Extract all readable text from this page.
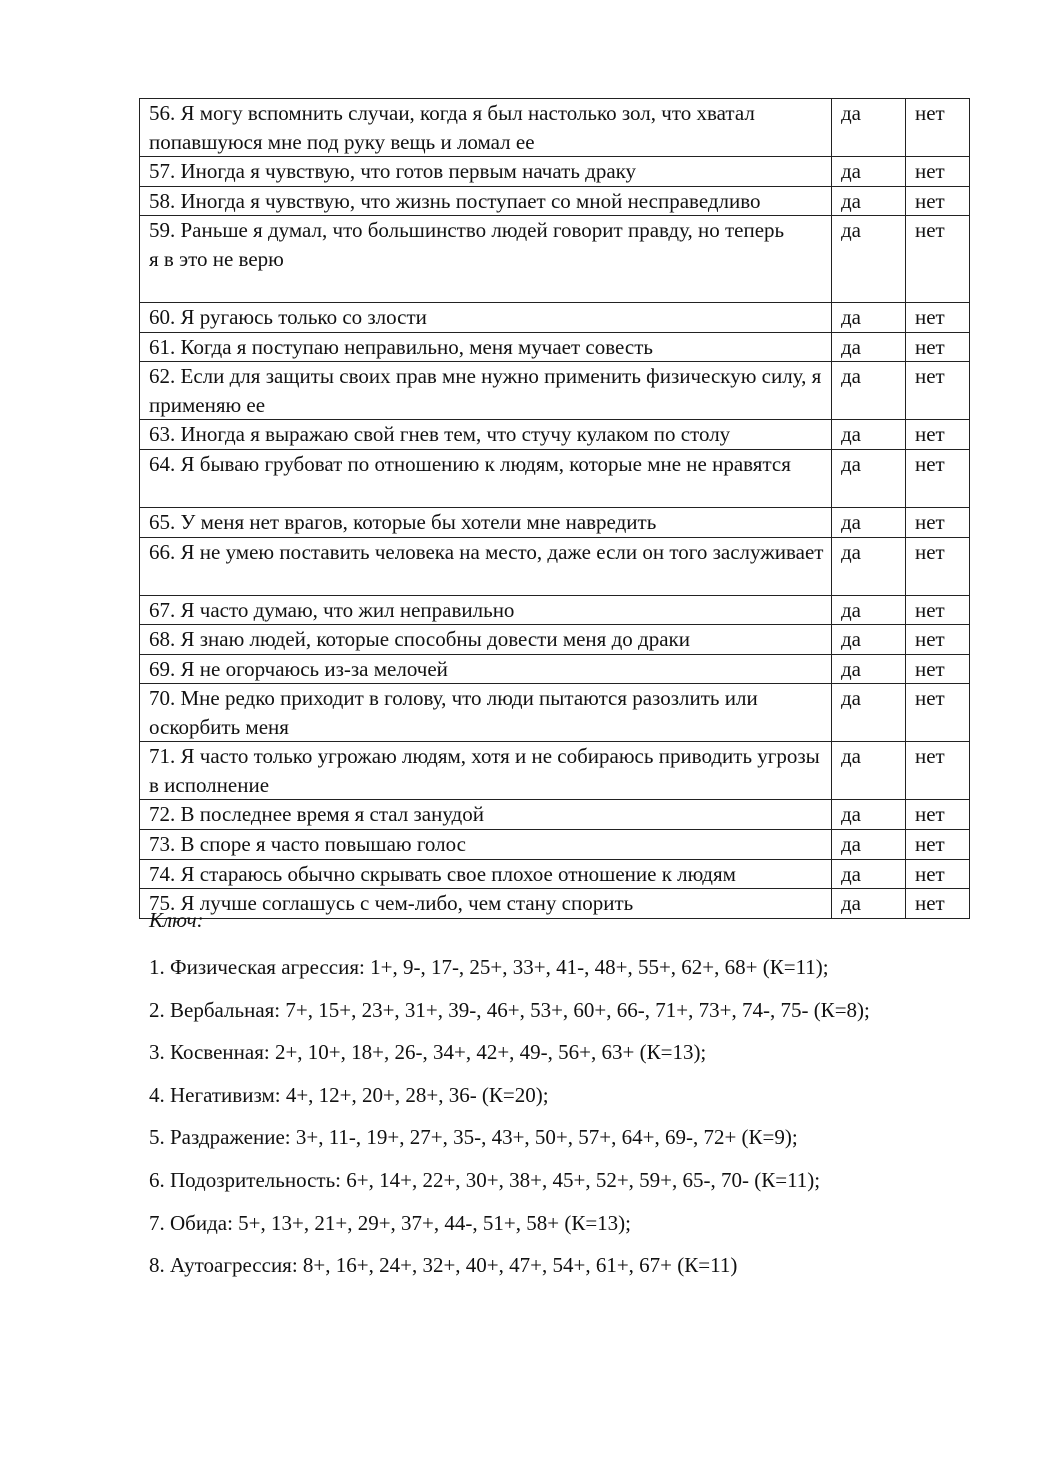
56. Я могу вспомнить случаи, когда я был настолько зол, что хватал попавшуюся мне под руку вещь и ломал ее	да	нет

57. Иногда я чувствую, что готов первым начать драку	да	нет

58. Иногда я чувствую, что жизнь поступает со мной несправедливо	да	нет

59. Раньше я думал, что большинство людей говорит правду, но теперь
я в это не верю	да	нет

60. Я ругаюсь только со злости	да	нет

61. Когда я поступаю неправильно, меня мучает совесть	да	нет

62. Если для защиты своих прав мне нужно применить физическую силу, я применяю ее	да	нет

63. Иногда я выражаю свой гнев тем, что стучу кулаком по столу	да	нет

64. Я бываю грубоват по отношению к людям, которые мне не нравятся	да	нет

65. У меня нет врагов, которые бы хотели мне навредить	да	нет

66. Я не умею поставить человека на место, даже если он того заслуживает	да	нет

67. Я часто думаю, что жил неправильно	да	нет

68. Я знаю людей, которые способны довести меня до драки	да	нет

69. Я не огорчаюсь из-за мелочей	да	нет

70. Мне редко приходит в голову, что люди пытаются разозлить или оскорбить меня	да	нет

71. Я часто только угрожаю людям, хотя и не собираюсь приводить угрозы в исполнение	да	нет

72. В последнее время я стал занудой	да	нет

73. В споре я часто повышаю голос	да	нет

74. Я стараюсь обычно скрывать свое плохое отношение к людям	да	нет

75. Я лучше соглашусь с чем-либо, чем стану спорить	да	нет

Ключ:

1. Физическая агрессия: 1+, 9-, 17-, 25+, 33+, 41-, 48+, 55+, 62+, 68+ (К=11);

2. Вербальная: 7+, 15+, 23+, 31+, 39-, 46+, 53+, 60+, 66-, 71+, 73+, 74-, 75- (К=8);

3. Косвенная: 2+, 10+, 18+, 26-, 34+, 42+, 49-, 56+, 63+ (К=13);

4. Негативизм: 4+, 12+, 20+, 28+, 36- (К=20);

5. Раздражение: 3+, 11-, 19+, 27+, 35-, 43+, 50+, 57+, 64+, 69-, 72+ (К=9);

6. Подозрительность: 6+, 14+, 22+, 30+, 38+, 45+, 52+, 59+, 65-, 70- (К=11);

7. Обида: 5+, 13+, 21+, 29+, 37+, 44-, 51+, 58+ (К=13);

8. Аутоагрессия: 8+, 16+, 24+, 32+, 40+, 47+, 54+, 61+, 67+ (К=11)
